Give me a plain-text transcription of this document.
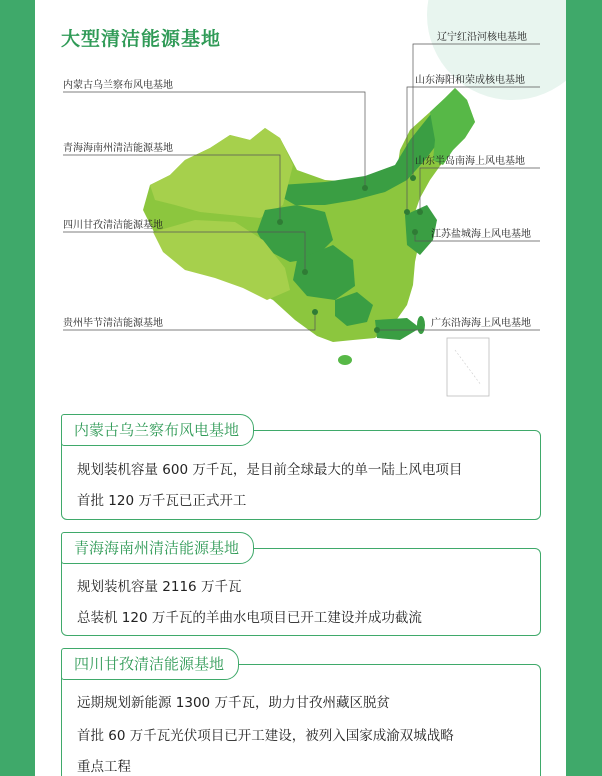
大型清洁能源基地
内蒙古乌兰察布风电基地
青海海南州清洁能源基地
四川甘孜清洁能源基地
贵州毕节清洁能源基地
辽宁红沿河核电基地
山东海阳和荣成核电基地
山东半岛南海上风电基地
江苏盐城海上风电基地
广东沿海海上风电基地
内蒙古乌兰察布风电基地
规划装机容量 600 万千瓦，是目前全球最大的单一陆上风电项目
首批 120 万千瓦已正式开工
青海海南州清洁能源基地
规划装机容量 2116 万千瓦
总装机 120 万千瓦的羊曲水电项目已开工建设并成功截流
四川甘孜清洁能源基地
远期规划新能源 1300 万千瓦，助力甘孜州藏区脱贫
首批 60 万千瓦光伏项目已开工建设，被列入国家成渝双城战略
重点工程
